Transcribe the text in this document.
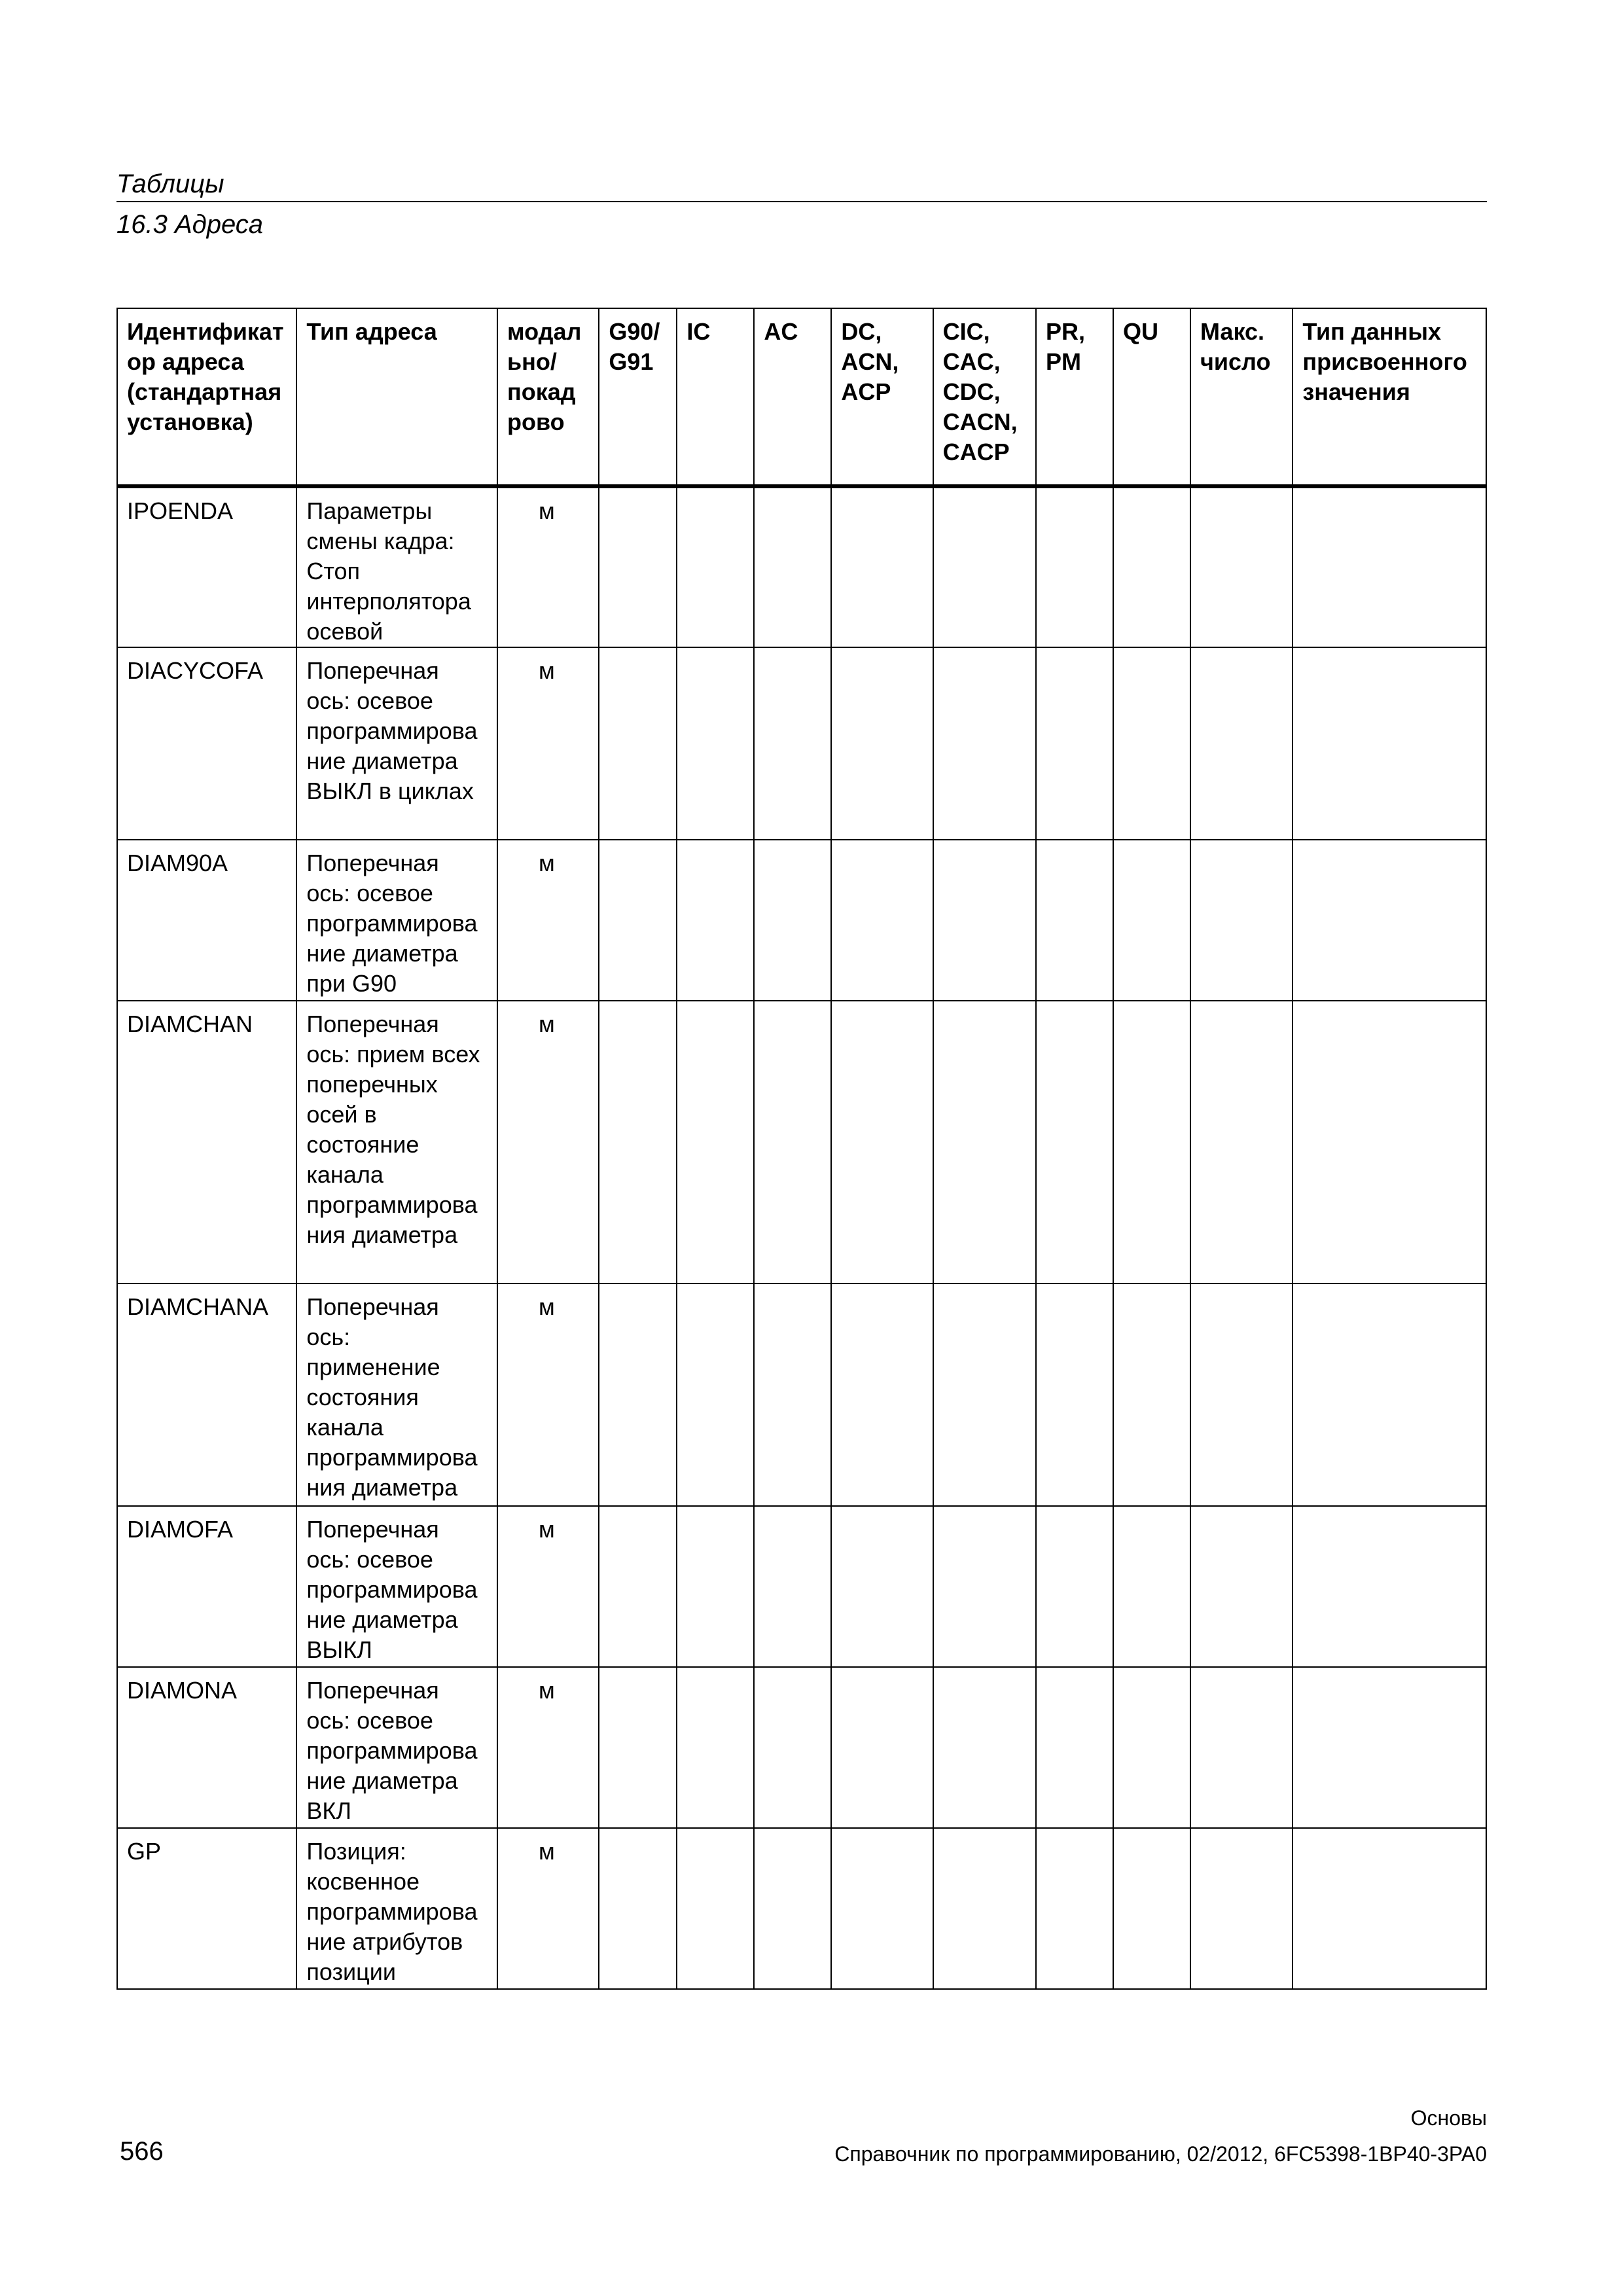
Таблицы
16.3 Адреса
Идентификатор адреса (стандартная установка)	Тип адреса	модально/покадрово	G90/ G91	IC	AC	DC, ACN, ACP	CIC, CAC, CDC, CACN, CACP	PR, PM	QU	Макс. число	Тип данных присвоенного значения
IPOENDA	Параметры смены кадра: Стоп интерполятора осевой	м									
DIACYCOFA	Поперечная ось: осевое программирование диаметра ВЫКЛ в циклах	м									
DIAM90A	Поперечная ось: осевое программирование диаметра при G90	м									
DIAMCHAN	Поперечная ось: прием всех поперечных осей в состояние канала программирования диаметра	м									
DIAMCHANA	Поперечная ось: применение состояния канала программирования диаметра	м									
DIAMOFA	Поперечная ось: осевое программирование диаметра ВЫКЛ	м									
DIAMONA	Поперечная ось: осевое программирование диаметра ВКЛ	м									
GP	Позиция: косвенное программирование атрибутов позиции	м									
Основы
566	Справочник по программированию, 02/2012, 6FC5398-1BP40-3PA0
